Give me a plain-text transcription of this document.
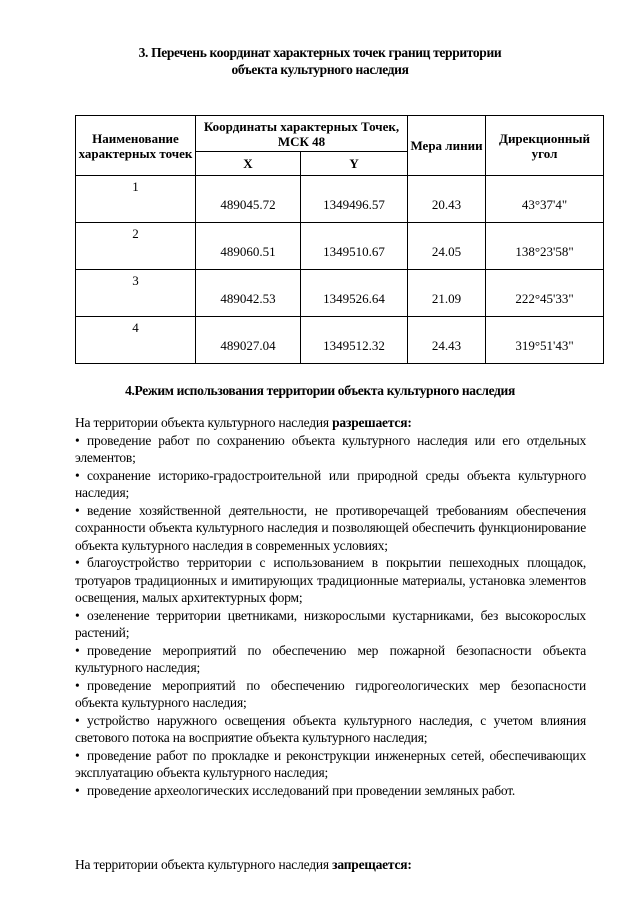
3. Перечень координат характерных точек границ территории
объекта культурного наследия
Наименование характерных точек	Координаты характерных Точек, МСК 48		Мера линии	Дирекционный угол
	X	Y		
1	489045.72	1349496.57	20.43	43°37'4"
2	489060.51	1349510.67	24.05	138°23'58"
3	489042.53	1349526.64	21.09	222°45'33"
4	489027.04	1349512.32	24.43	319°51'43"
4.Режим использования территории объекта культурного наследия
На территории объекта культурного наследия разрешается:
• проведение работ по сохранению объекта культурного наследия или его отдельных элементов;
• сохранение историко-градостроительной или природной среды объекта культурного наследия;
• ведение хозяйственной деятельности, не противоречащей требованиям обеспечения сохранности объекта культурного наследия и позволяющей обеспечить функционирование объекта культурного наследия в современных условиях;
• благоустройство территории с использованием в покрытии пешеходных площадок, тротуаров традиционных и имитирующих традиционные материалы, установка элементов освещения, малых архитектурных форм;
• озеленение территории цветниками, низкорослыми кустарниками, без высокорослых растений;
• проведение мероприятий по обеспечению мер пожарной безопасности объекта культурного наследия;
• проведение мероприятий по обеспечению гидрогеологических мер безопасности объекта культурного наследия;
• устройство наружного освещения объекта культурного наследия, с учетом влияния светового потока на восприятие объекта культурного наследия;
• проведение работ по прокладке и реконструкции инженерных сетей, обеспечивающих эксплуатацию объекта культурного наследия;
• проведение археологических исследований при проведении земляных работ.
На территории объекта культурного наследия запрещается:
